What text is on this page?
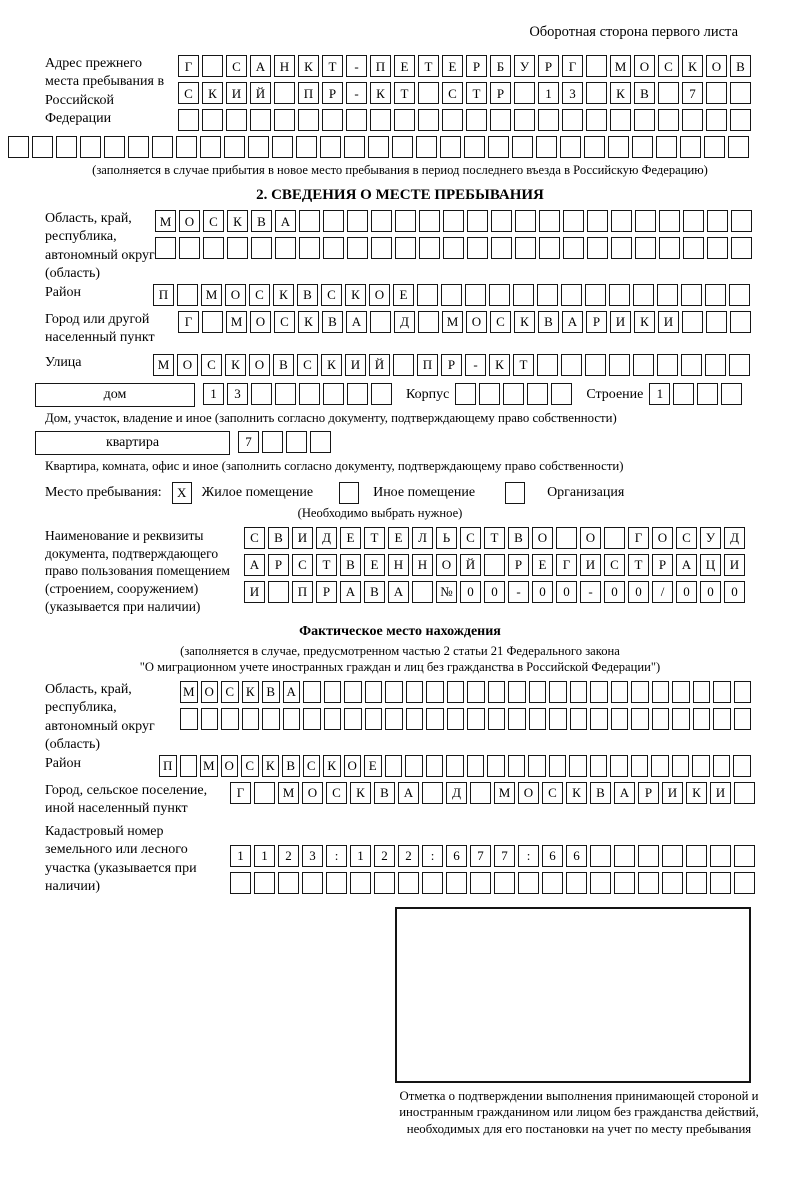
Оборотная сторона первого листа
Адрес прежнего места пребывания в Российской Федерации
Г	С	А	Н	К	Т	-	П	Е	Т	Е	Р	Б	У	Р	Г	М	О	С	К	О	В
С	К	И	Й	П	Р	-	К	Т	С	Т	Р	1	3	К	В	7
(заполняется в случае прибытия в новое место пребывания в период последнего въезда в Российскую Федерацию)
2. СВЕДЕНИЯ О МЕСТЕ ПРЕБЫВАНИЯ
Область, край, республика, автономный округ (область)
М	О	С	К	В	А
Район	П	М	О	С	К	В	С	К	О	Е
Город или другой населенный пункт
Г	М	О	С	К	В	А	Д	М	О	С	К	В	А	Р	И	К	И
Улица	М	О	С	К	О	В	С	К	И	Й	П	Р	-	К	Т
дом	1	3	Корпус	Строение	1
Дом, участок, владение и иное (заполнить согласно документу, подтверждающему право собственности)
квартира	7
Квартира, комната, офис и иное (заполнить согласно документу, подтверждающему право собственности)
Место пребывания:	X	Жилое помещение	Иное помещение	Организация
(Необходимо выбрать нужное)
Наименование и реквизиты документа, подтверждающего право пользования помещением (строением, сооружением) (указывается при наличии)
С	В	И	Д	Е	Т	Е	Л	Ь	С	Т	В	О	О	Г	О	С	У	Д
А	Р	С	Т	В	Е	Н	Н	О	Й	Р	Е	Г	И	С	Т	Р	А	Ц	И
И	П	Р	А	В	А	№	0	0	-	0	0	-	0	0	/	0	0	0
Фактическое место нахождения
(заполняется в случае, предусмотренном частью 2 статьи 21 Федерального закона
"О миграционном учете иностранных граждан и лиц без гражданства в Российской Федерации")
Область, край, республика, автономный округ (область)
М О С К В А
Район	П	М О С К В С К О Е
Город, сельское поселение, иной населенный пункт
Г	М	О	С	К	В	А	Д	М	О	С	К	В	А	Р	И	К	И
Кадастровый номер земельного или лесного участка (указывается при наличии)
1	1	2	3	:	1	2	2	:	6	7	7	:	6	6
Отметка о подтверждении выполнения принимающей стороной и иностранным гражданином или лицом без гражданства действий, необходимых для его постановки на учет по месту пребывания
